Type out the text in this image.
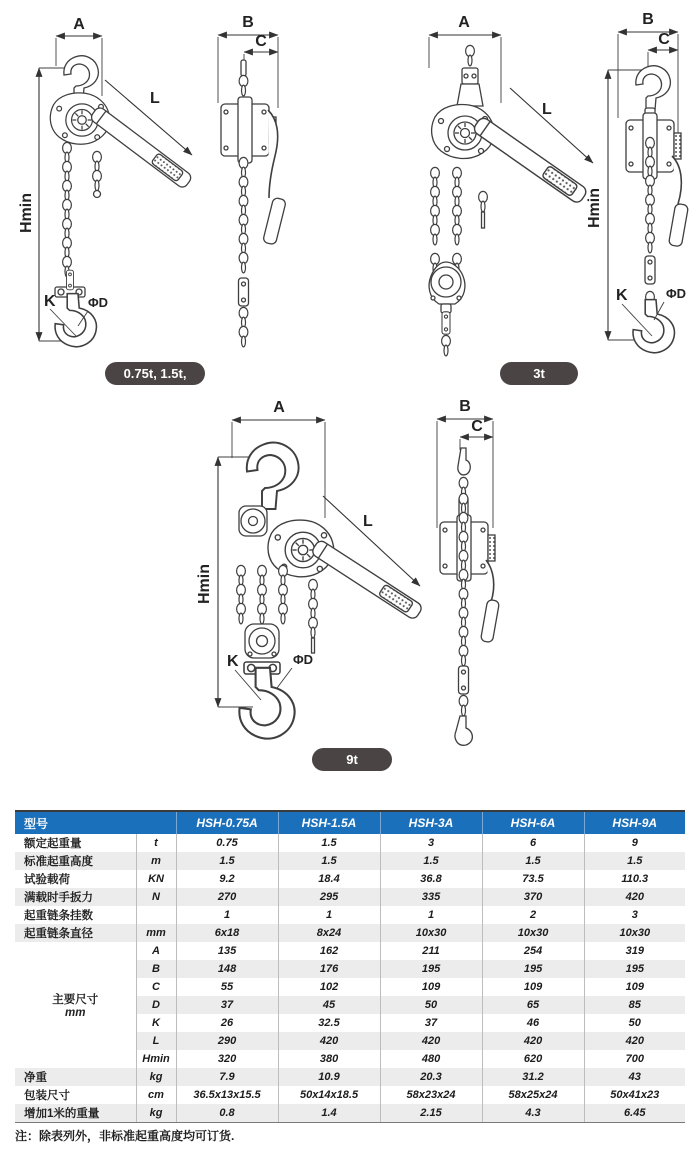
A
Hmin
L
K ΦD
B
C
0.75t, 1.5t, 3t
A
L
B
C
Hmin
K	ΦD
3t
A
Hmin
L
K	ΦD
B
C
9t
型号		HSH-0.75A	HSH-1.5A	HSH-3A	HSH-6A	HSH-9A
额定起重量	t	0.75	1.5	3	6	9
标准起重高度	m	1.5	1.5	1.5	1.5	1.5
试验载荷	KN	9.2	18.4	36.8	73.5	110.3
满载时手扳力	N	270	295	335	370	420
起重链条挂数		1	1	1	2	3
起重链条直径	mm	6x18	8x24	10x30	10x30	10x30

主要尺寸
mm	A	135	162	211	254	319
	B	148	176	195	195	195
	C	55	102	109	109	109
	D	37	45	50	65	85
	K	26	32.5	37	46	50
	L	290	420	420	420	420
	Hmin	320	380	480	620	700
净重	kg	7.9	10.9	20.3	31.2	43
包装尺寸	cm	36.5x13x15.5	50x14x18.5	58x23x24	58x25x24	50x41x23
增加1米的重量	kg	0.8	1.4	2.15	4.3	6.45
注：除表列外，非标准起重高度均可订货.
